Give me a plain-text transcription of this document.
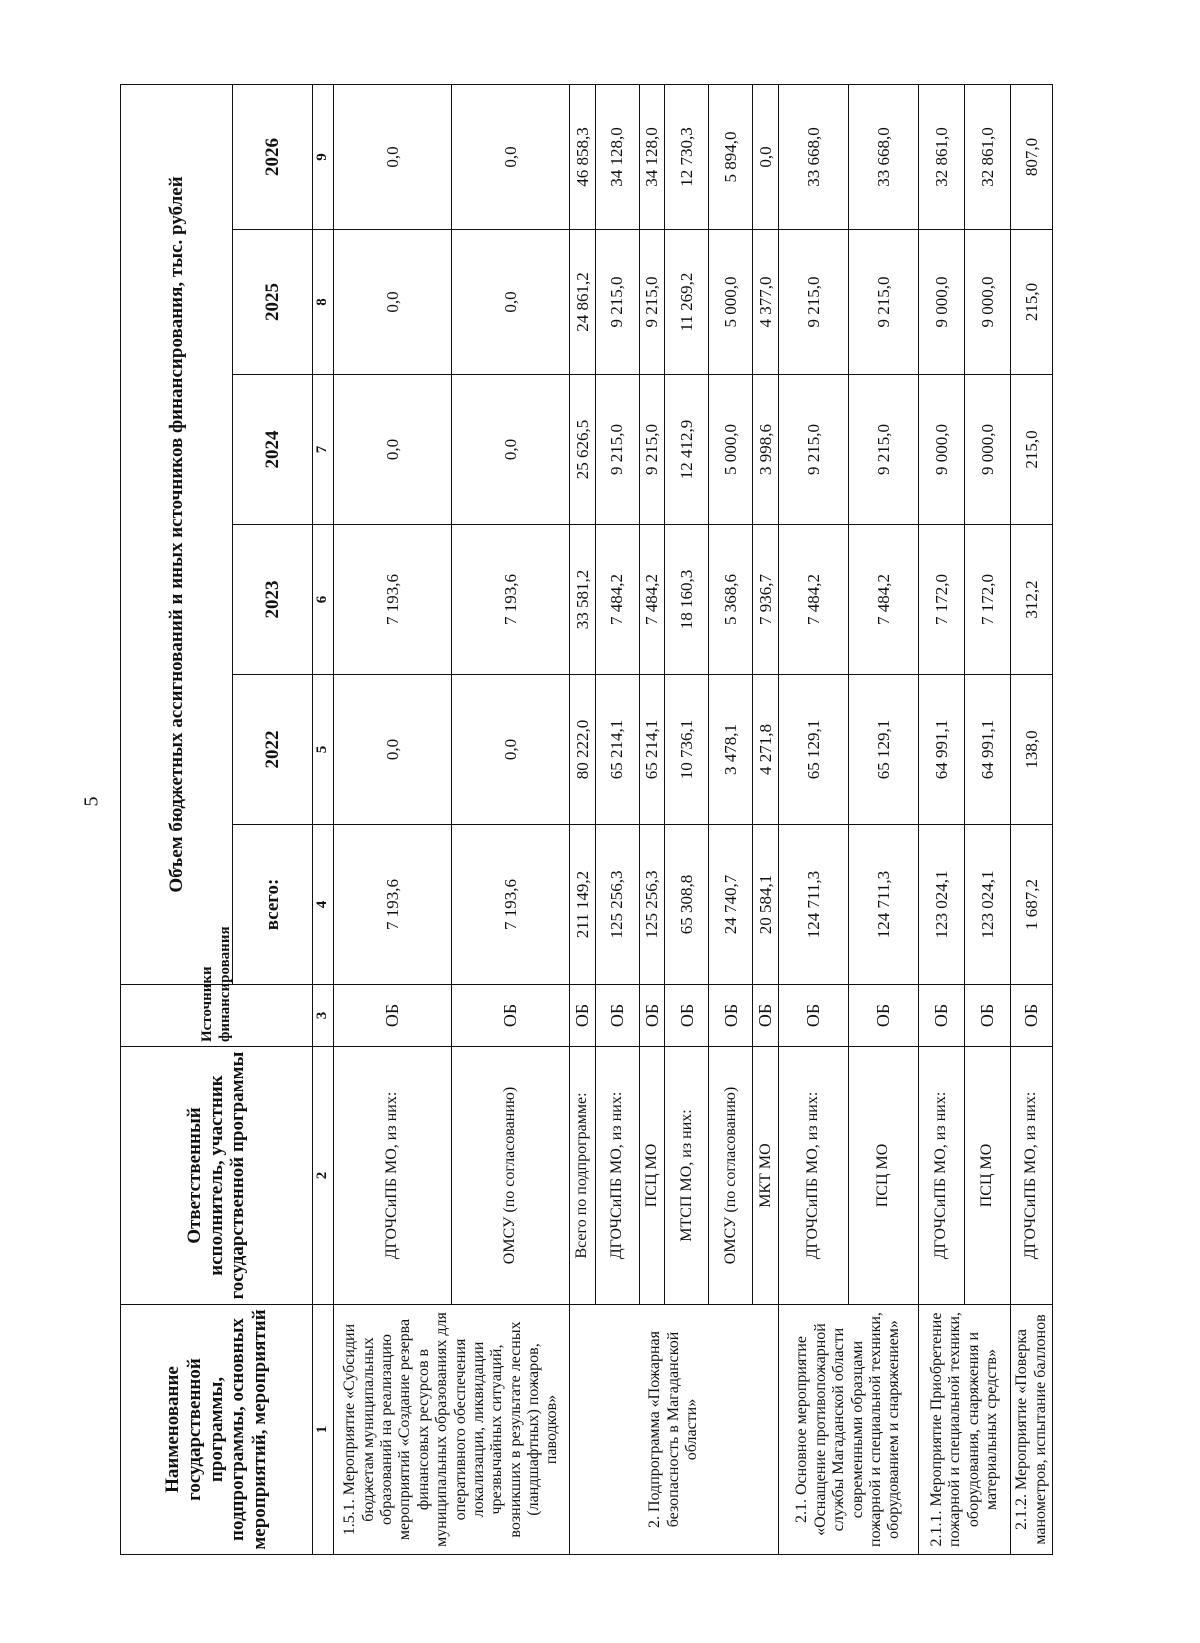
5
Наименование государственной программы, подпрограммы, основных мероприятий, мероприятий	Ответственный исполнитель, участник государственной программы	Источники финансирования	Объем бюджетных ассигнований и иных источников финансирования, тыс. рублей					
			всего:	2022	2023	2024	2025	2026
1	2	3	4	5	6	7	8	9
1.5.1. Мероприятие «Субсидии бюджетам муниципальных образований на реализацию мероприятий «Создание резерва финансовых ресурсов в муниципальных образованиях для оперативного обеспечения локализации, ликвидации чрезвычайных ситуаций, возникших в результате лесных (ландшафтных) пожаров, паводков»	ДГОЧСиПБ МО, из них:	ОБ	7 193,6	0,0	7 193,6	0,0	0,0	0,0
	ОМСУ (по согласованию)	ОБ	7 193,6	0,0	7 193,6	0,0	0,0	0,0
2. Подпрограмма «Пожарная безопасность в Магаданской области»	Всего по подпрограмме:	ОБ	211 149,2	80 222,0	33 581,2	25 626,5	24 861,2	46 858,3
	ДГОЧСиПБ МО, из них:	ОБ	125 256,3	65 214,1	7 484,2	9 215,0	9 215,0	34 128,0
	ПСЦ МО	ОБ	125 256,3	65 214,1	7 484,2	9 215,0	9 215,0	34 128,0
	МТСП МО, из них:	ОБ	65 308,8	10 736,1	18 160,3	12 412,9	11 269,2	12 730,3
	ОМСУ (по согласованию)	ОБ	24 740,7	3 478,1	5 368,6	5 000,0	5 000,0	5 894,0
	МКТ МО	ОБ	20 584,1	4 271,8	7 936,7	3 998,6	4 377,0	0,0
2.1. Основное мероприятие «Оснащение противопожарной службы Магаданской области современными образцами пожарной и специальной техники, оборудованием и снаряжением»	ДГОЧСиПБ МО, из них:	ОБ	124 711,3	65 129,1	7 484,2	9 215,0	9 215,0	33 668,0
	ПСЦ МО	ОБ	124 711,3	65 129,1	7 484,2	9 215,0	9 215,0	33 668,0
2.1.1. Мероприятие Приобретение пожарной и специальной техники, оборудования, снаряжения и материальных средств»	ДГОЧСиПБ МО, из них:	ОБ	123 024,1	64 991,1	7 172,0	9 000,0	9 000,0	32 861,0
	ПСЦ МО	ОБ	123 024,1	64 991,1	7 172,0	9 000,0	9 000,0	32 861,0
2.1.2. Мероприятие «Поверка манометров, испытание баллонов	ДГОЧСиПБ МО, из них:	ОБ	1 687,2	138,0	312,2	215,0	215,0	807,0
